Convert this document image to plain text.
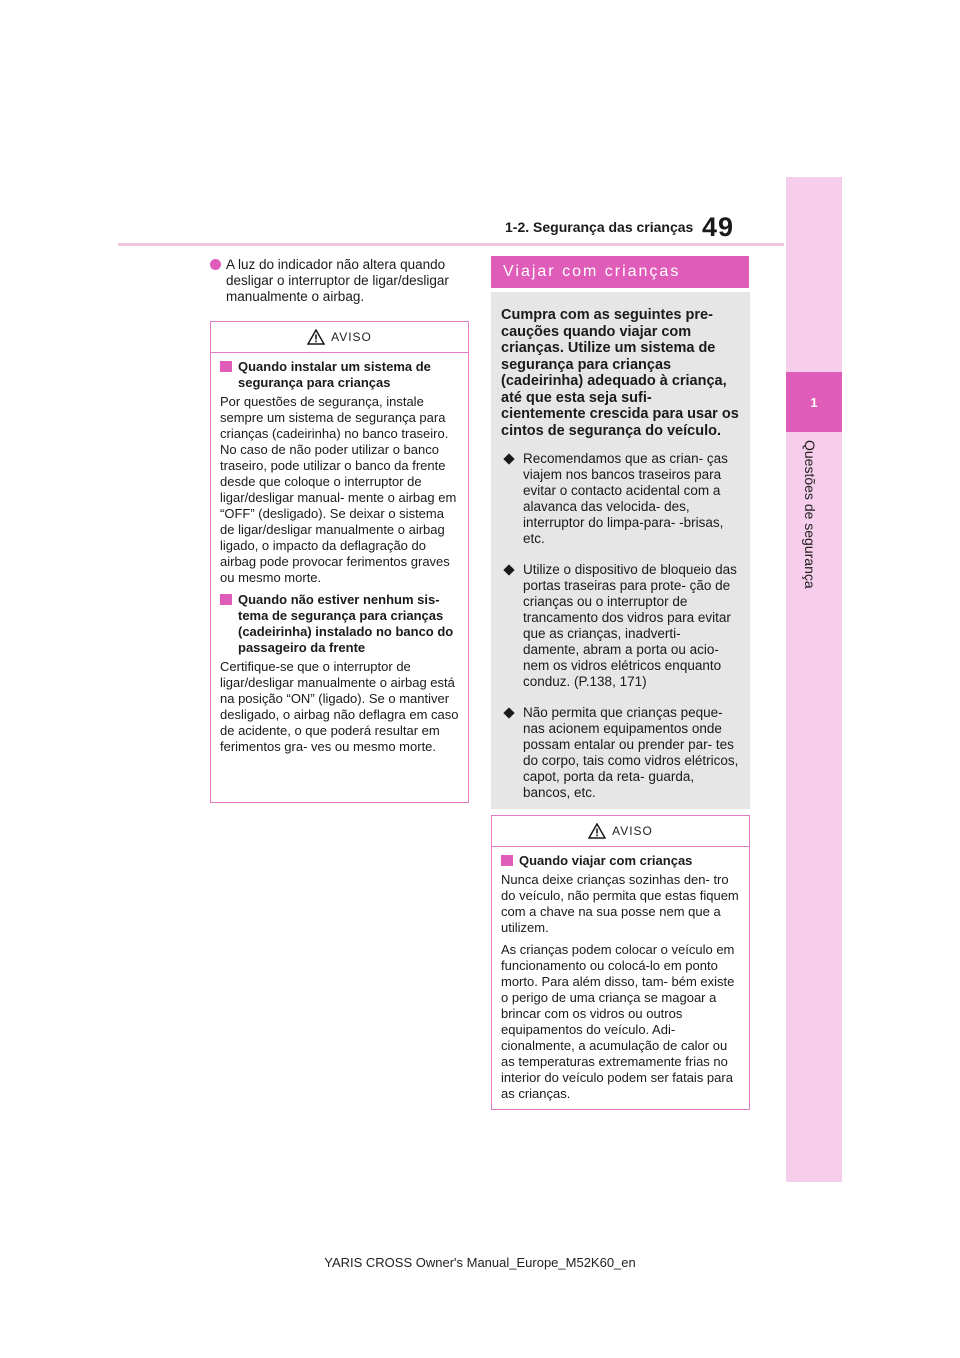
1-2. Segurança das crianças 49
1
Questões de segurança

A luz do indicador não altera quando desligar o interruptor de ligar/desligar manualmente o airbag.

AVISO
Quando instalar um sistema de segurança para crianças

Por questões de segurança, instale sempre um sistema de segurança para crianças (cadeirinha) no banco traseiro. No caso de não poder utilizar o banco traseiro, pode utilizar o banco da frente desde que coloque o interruptor de ligar/desligar manual- mente o airbag em “OFF” (desligado). Se deixar o sistema de ligar/desligar manualmente o airbag ligado, o impacto da deflagração do airbag pode provocar ferimentos graves ou mesmo morte.

Quando não estiver nenhum sis- tema de segurança para crianças (cadeirinha) instalado no banco do passageiro da frente

Certifique-se que o interruptor de ligar/desligar manualmente o airbag está na posição “ON” (ligado). Se o mantiver desligado, o airbag não deflagra em caso de acidente, o que poderá resultar em ferimentos gra- ves ou mesmo morte.

Viajar com crianças

Cumpra com as seguintes pre- cauções quando viajar com crianças. Utilize um sistema de segurança para crianças (cadeirinha) adequado à criança, até que esta seja sufi- cientemente crescida para usar os cintos de segurança do veículo.

Recomendamos que as crian- ças viajem nos bancos traseiros para evitar o contacto acidental com a alavanca das velocida- des, interruptor do limpa-para- -brisas, etc.
Utilize o dispositivo de bloqueio das portas traseiras para prote- ção de crianças ou o interruptor de trancamento dos vidros para evitar que as crianças, inadverti- damente, abram a porta ou acio- nem os vidros elétricos enquanto conduz. (P.138, 171)
Não permita que crianças peque- nas acionem equipamentos onde possam entalar ou prender par- tes do corpo, tais como vidros elétricos, capot, porta da reta- guarda, bancos, etc.
AVISO
Quando viajar com crianças

Nunca deixe crianças sozinhas den- tro do veículo, não permita que estas fiquem com a chave na sua posse nem que a utilizem.

As crianças podem colocar o veículo em funcionamento ou colocá-lo em ponto morto. Para além disso, tam- bém existe o perigo de uma criança se magoar a brincar com os vidros ou outros equipamentos do veículo. Adi- cionalmente, a acumulação de calor ou as temperaturas extremamente frias no interior do veículo podem ser fatais para as crianças.

YARIS CROSS Owner's Manual_Europe_M52K60_en
